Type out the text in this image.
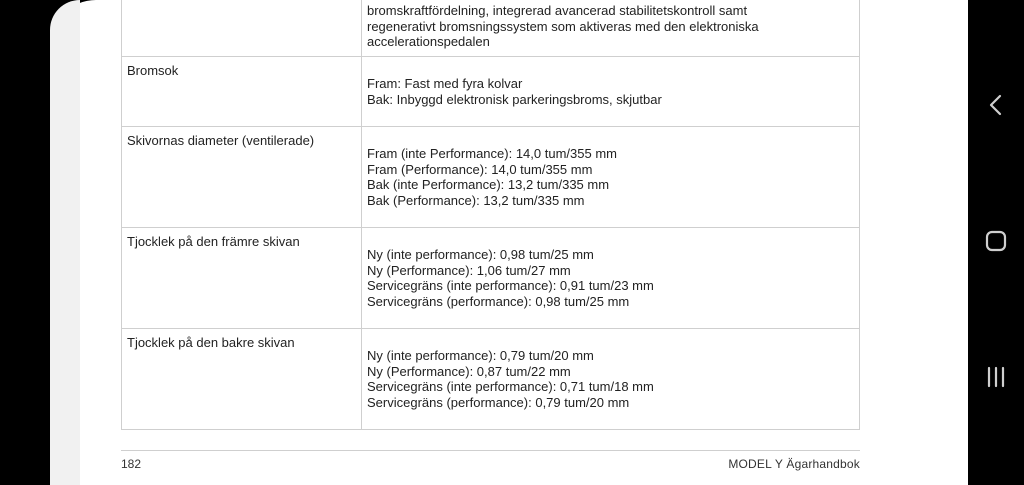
	bromskraftfördelning, integrerad avancerad stabilitetskontroll samt
regenerativt bromsningssystem som aktiveras med den elektroniska
accelerationspedalen

Bromsok	Fram: Fast med fyra kolvar
Bak: Inbyggd elektronisk parkeringsbroms, skjutbar

Skivornas diameter (ventilerade)	Fram (inte Performance): 14,0 tum/355 mm
Fram (Performance): 14,0 tum/355 mm
Bak (inte Performance): 13,2 tum/335 mm
Bak (Performance): 13,2 tum/335 mm

Tjocklek på den främre skivan	Ny (inte performance): 0,98 tum/25 mm
Ny (Performance): 1,06 tum/27 mm
Servicegräns (inte performance): 0,91 tum/23 mm
Servicegräns (performance): 0,98 tum/25 mm

Tjocklek på den bakre skivan	Ny (inte performance): 0,79 tum/20 mm
Ny (Performance): 0,87 tum/22 mm
Servicegräns (inte performance): 0,71 tum/18 mm
Servicegräns (performance): 0,79 tum/20 mm
182	MODEL Y Ägarhandbok
